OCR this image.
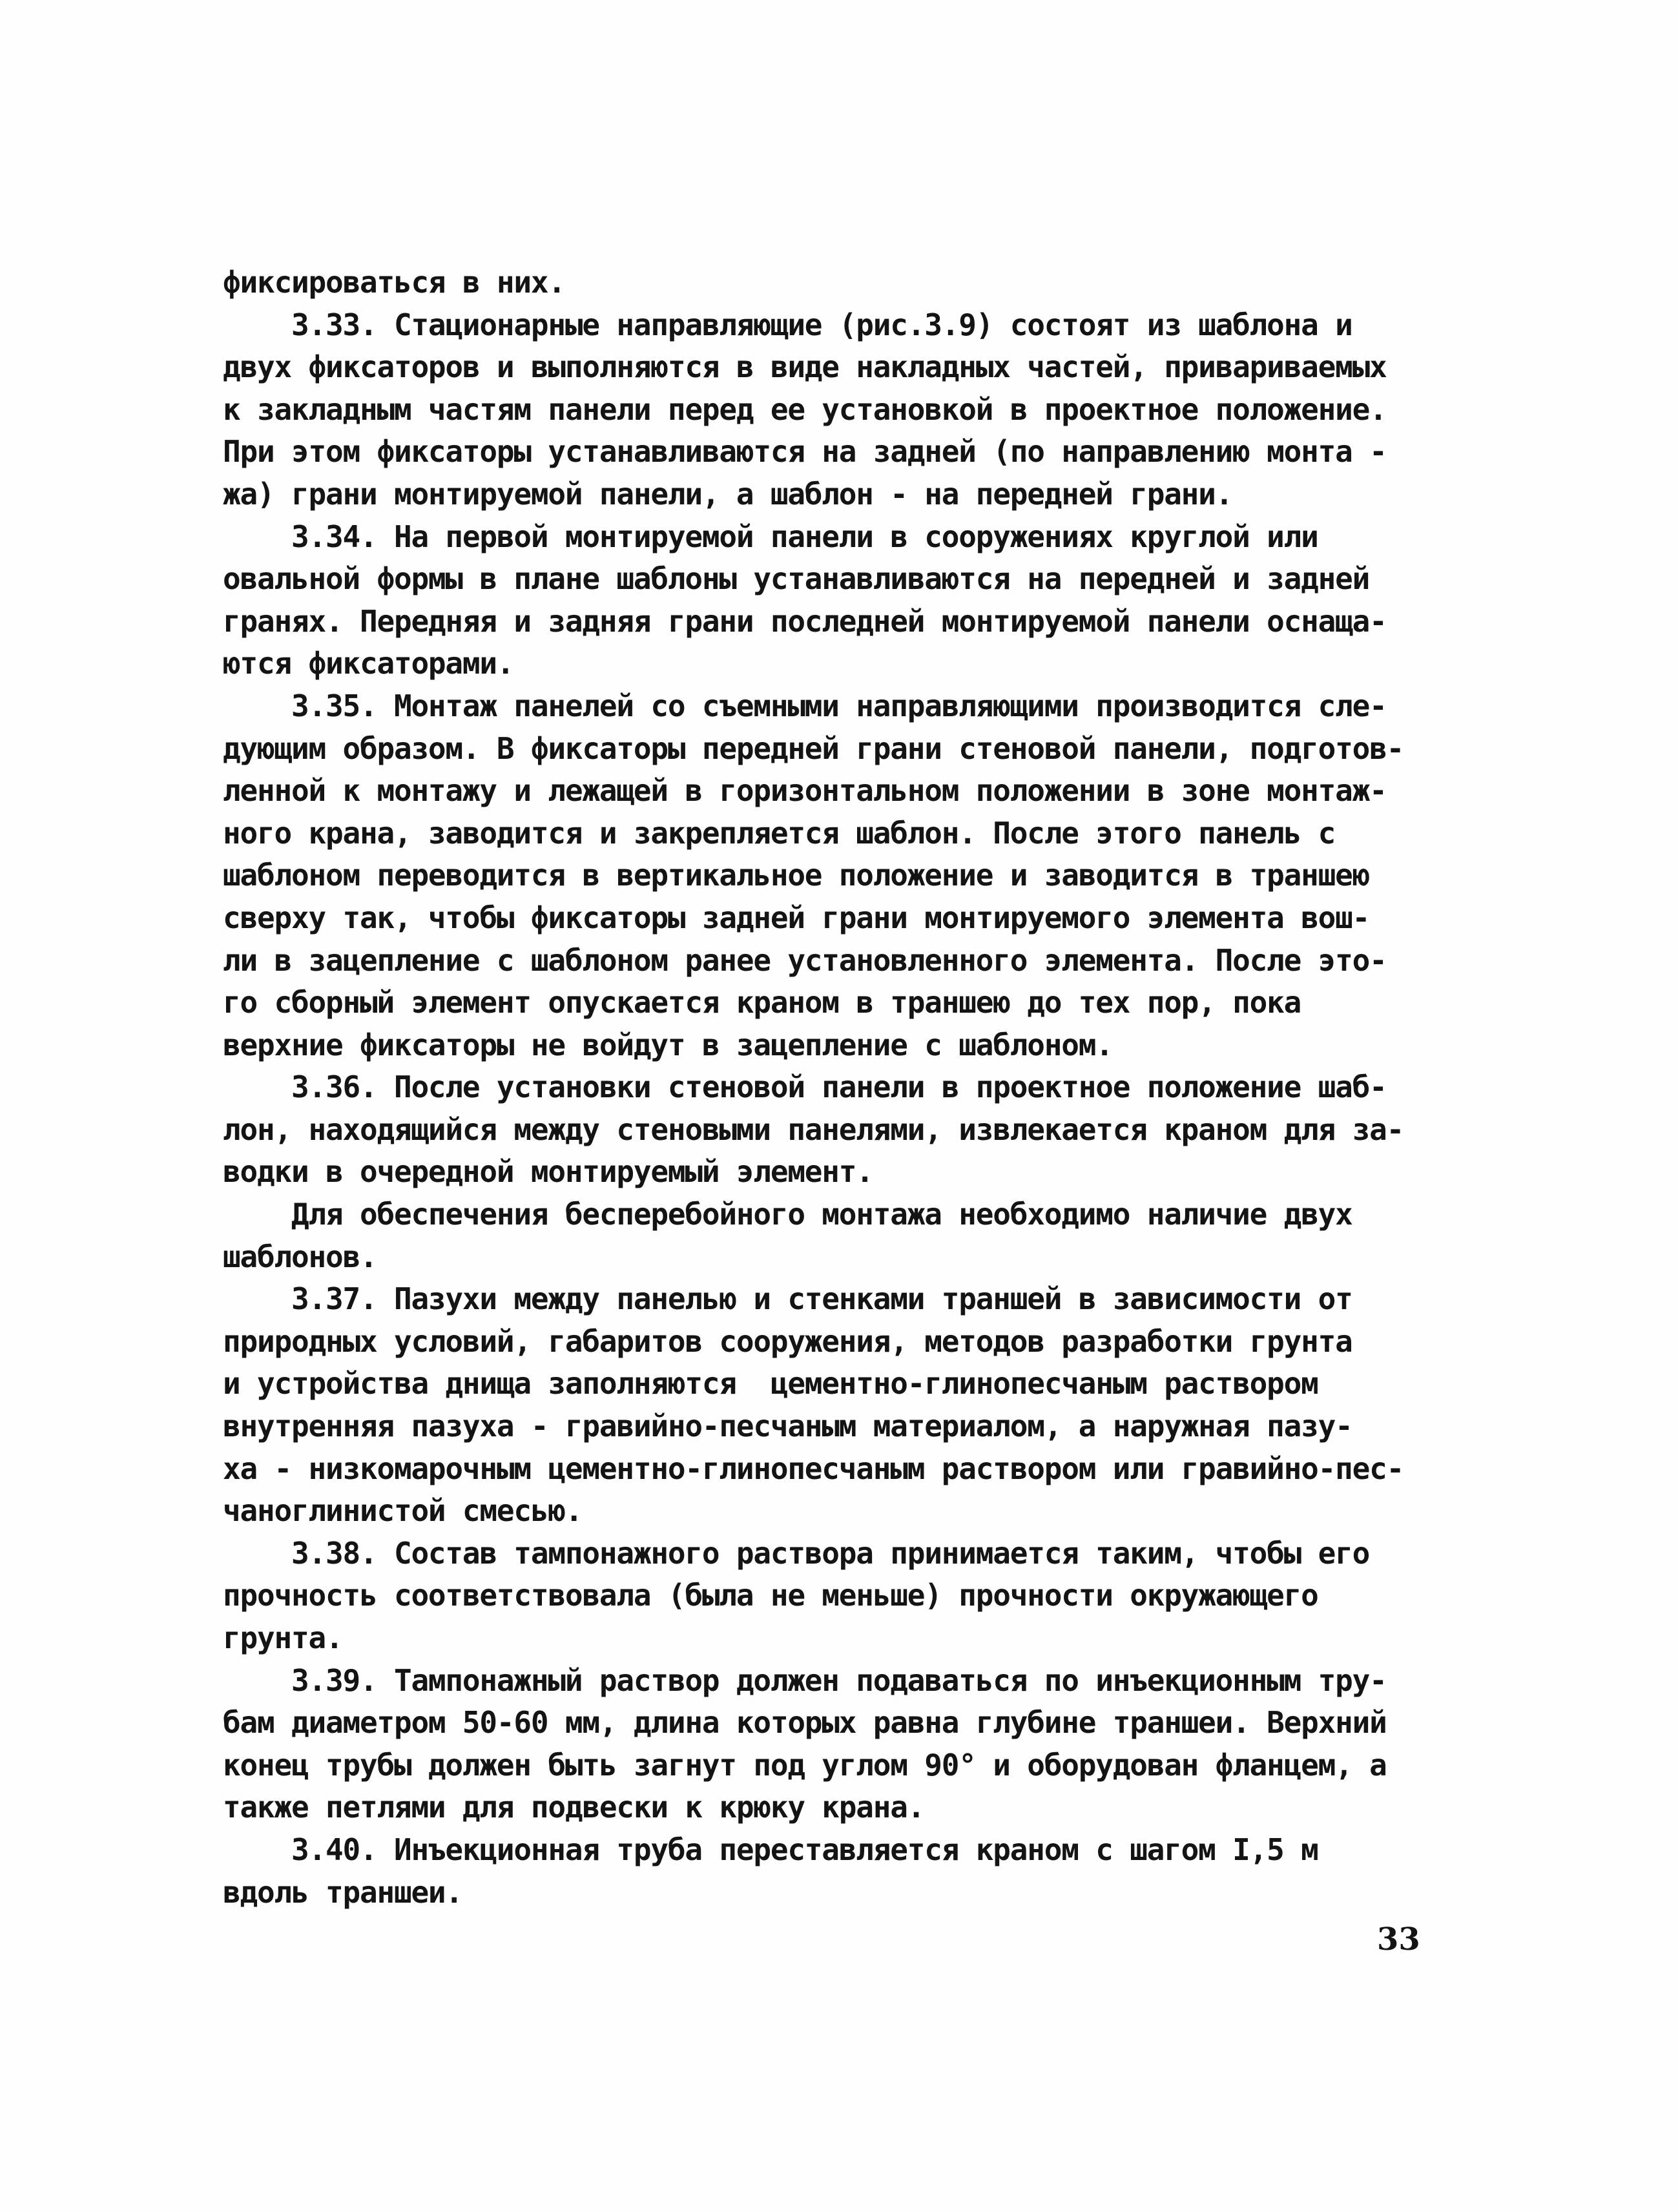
фиксироваться в них.
3.33. Стационарные направляющие (рис.3.9) состоят из шаблона и
двух фиксаторов и выполняются в виде накладных частей, привариваемых
к закладным частям панели перед ее установкой в проектное положение.
При этом фиксаторы устанавливаются на задней (по направлению монта -
жа) грани монтируемой панели, а шаблон - на передней грани.
3.34. На первой монтируемой панели в сооружениях круглой или
овальной формы в плане шаблоны устанавливаются на передней и задней
гранях. Передняя и задняя грани последней монтируемой панели оснаща-
ются фиксаторами.
3.35. Монтаж панелей со съемными направляющими производится сле-
дующим образом. В фиксаторы передней грани стеновой панели, подготов-
ленной к монтажу и лежащей в горизонтальном положении в зоне монтаж-
ного крана, заводится и закрепляется шаблон. После этого панель с
шаблоном переводится в вертикальное положение и заводится в траншею
сверху так, чтобы фиксаторы задней грани монтируемого элемента вош-
ли в зацепление с шаблоном ранее установленного элемента. После это-
го сборный элемент опускается краном в траншею до тех пор, пока
верхние фиксаторы не войдут в зацепление с шаблоном.
3.36. После установки стеновой панели в проектное положение шаб-
лон, находящийся между стеновыми панелями, извлекается краном для за-
водки в очередной монтируемый элемент.
Для обеспечения бесперебойного монтажа необходимо наличие двух
шаблонов.
3.37. Пазухи между панелью и стенками траншей в зависимости от
природных условий, габаритов сооружения, методов разработки грунта
и устройства днища заполняются  цементно-глинопесчаным раствором
внутренняя пазуха - гравийно-песчаным материалом, а наружная пазу-
ха - низкомарочным цементно-глинопесчаным раствором или гравийно-пес-
чаноглинистой смесью.
3.38. Состав тампонажного раствора принимается таким, чтобы его
прочность соответствовала (была не меньше) прочности окружающего
грунта.
3.39. Тампонажный раствор должен подаваться по инъекционным тру-
бам диаметром 50-60 мм, длина которых равна глубине траншеи. Верхний
конец трубы должен быть загнут под углом 90° и оборудован фланцем, а
также петлями для подвески к крюку крана.
3.40. Инъекционная труба переставляется краном с шагом I,5 м
вдоль траншеи.
33
